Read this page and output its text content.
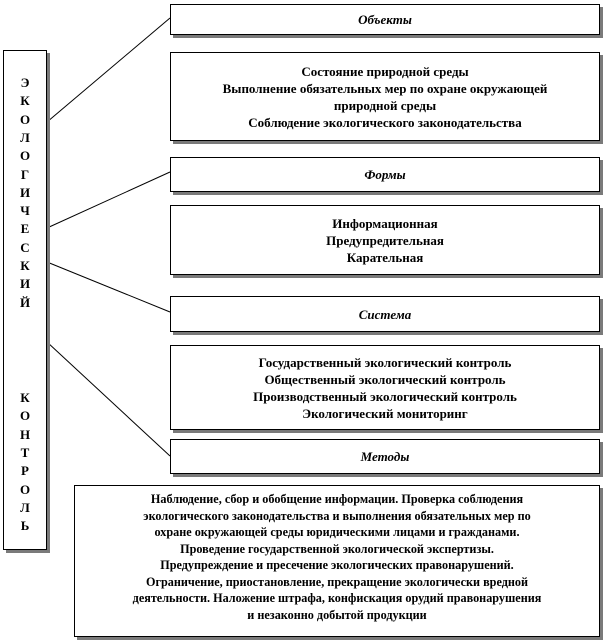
Э
К
О
Л
О
Г
И
Ч
Е
С
К
И
Й
К
О
Н
Т
Р
О
Л
Ь
Объекты
Состояние природной среды
Выполнение обязательных мер по охране окружающей
природной среды
Соблюдение экологического законодательства
Формы
Информационная
Предупредительная
Карательная
Система
Государственный экологический контроль
Общественный экологический контроль
Производственный экологический контроль
Экологический мониторинг
Методы
Наблюдение, сбор и обобщение информации. Проверка соблюдения
экологического законодательства и выполнения обязательных мер по
охране окружающей среды юридическими лицами и гражданами.
Проведение государственной экологической экспертизы.
Предупреждение и пресечение экологических правонарушений.
Ограничение, приостановление, прекращение экологически вредной
деятельности. Наложение штрафа, конфискация орудий правонарушения
и незаконно добытой продукции
